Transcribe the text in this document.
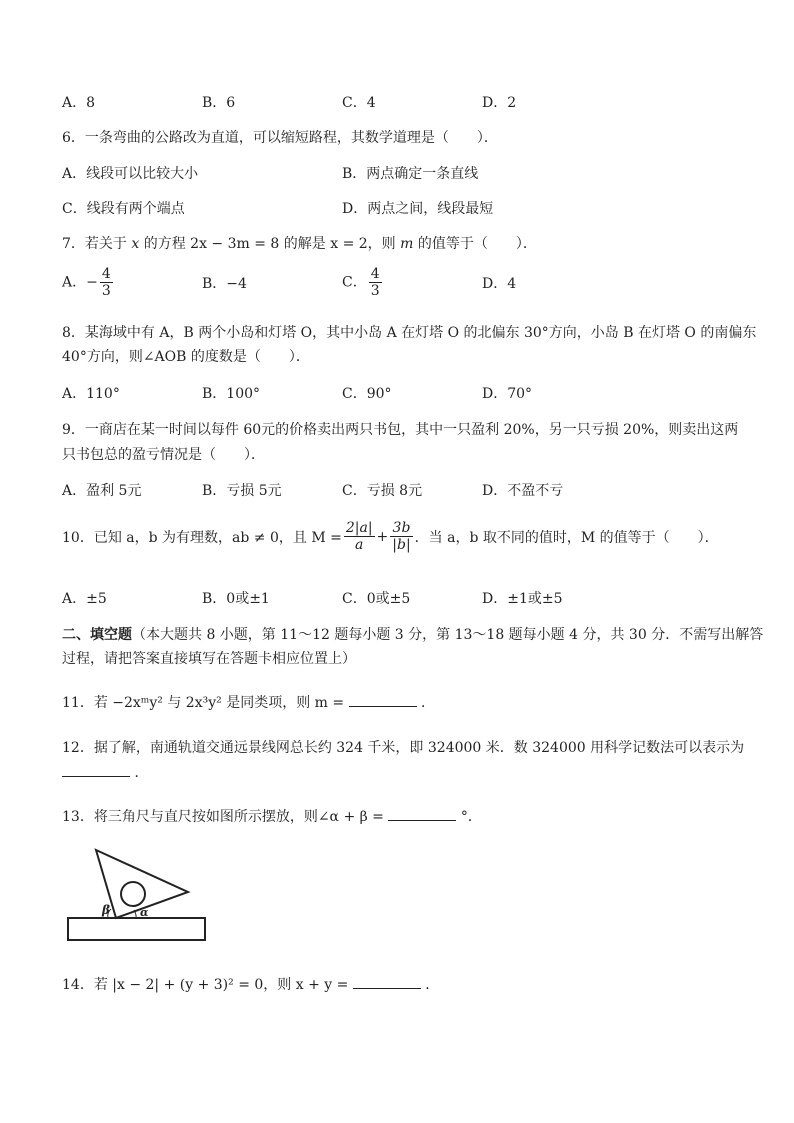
A．8	B．6	C．4	D．2
6．一条弯曲的公路改为直道，可以缩短路程，其数学道理是（　　）．
A．线段可以比较大小	B．两点确定一条直线
C．线段有两个端点	D．两点之间，线段最短
7．若关于 x 的方程 2x − 3m = 8 的解是 x = 2，则 m 的值等于（　　）．
A．− $\frac{4}{3}$	B．−4	C． $\frac{4}{3}$	D．4
8．某海域中有 A，B 两个小岛和灯塔 O，其中小岛 A 在灯塔 O 的北偏东 30°方向，小岛 B 在灯塔 O 的南偏东
40°方向，则∠AOB 的度数是（　　）．
A．110°	B．100°	C．90°	D．70°
9．一商店在某一时间以每件 60元的价格卖出两只书包，其中一只盈利 20%，另一只亏损 20%，则卖出这两
只书包总的盈亏情况是（　　）．
A．盈利 5元	B．亏损 5元	C．亏损 8元	D．不盈不亏
10．已知 a，b 为有理数，ab ≠ 0，且 $M = \frac{2|a|}{a} + \frac{3b}{|b|}$ ．当 a，b 取不同的值时，M 的值等于（　　）．
A．±5	B．0或±1	C．0或±5	D．±1或±5
二、填空题（本大题共 8 小题，第 11～12 题每小题 3 分，第 13～18 题每小题 4 分，共 30 分．不需写出解答
过程，请把答案直接填写在答题卡相应位置上）
11．若 −2xᵐy² 与 2x³y² 是同类项，则 m =	．
12．据了解，南通轨道交通远景线网总长约 324 千米，即 324000 米．数 324000 用科学记数法可以表示为
．
13．将三角尺与直尺按如图所示摆放，则∠α + β =	°．
β	α
14．若 |x − 2| + (y + 3)² = 0，则 x + y =	．
